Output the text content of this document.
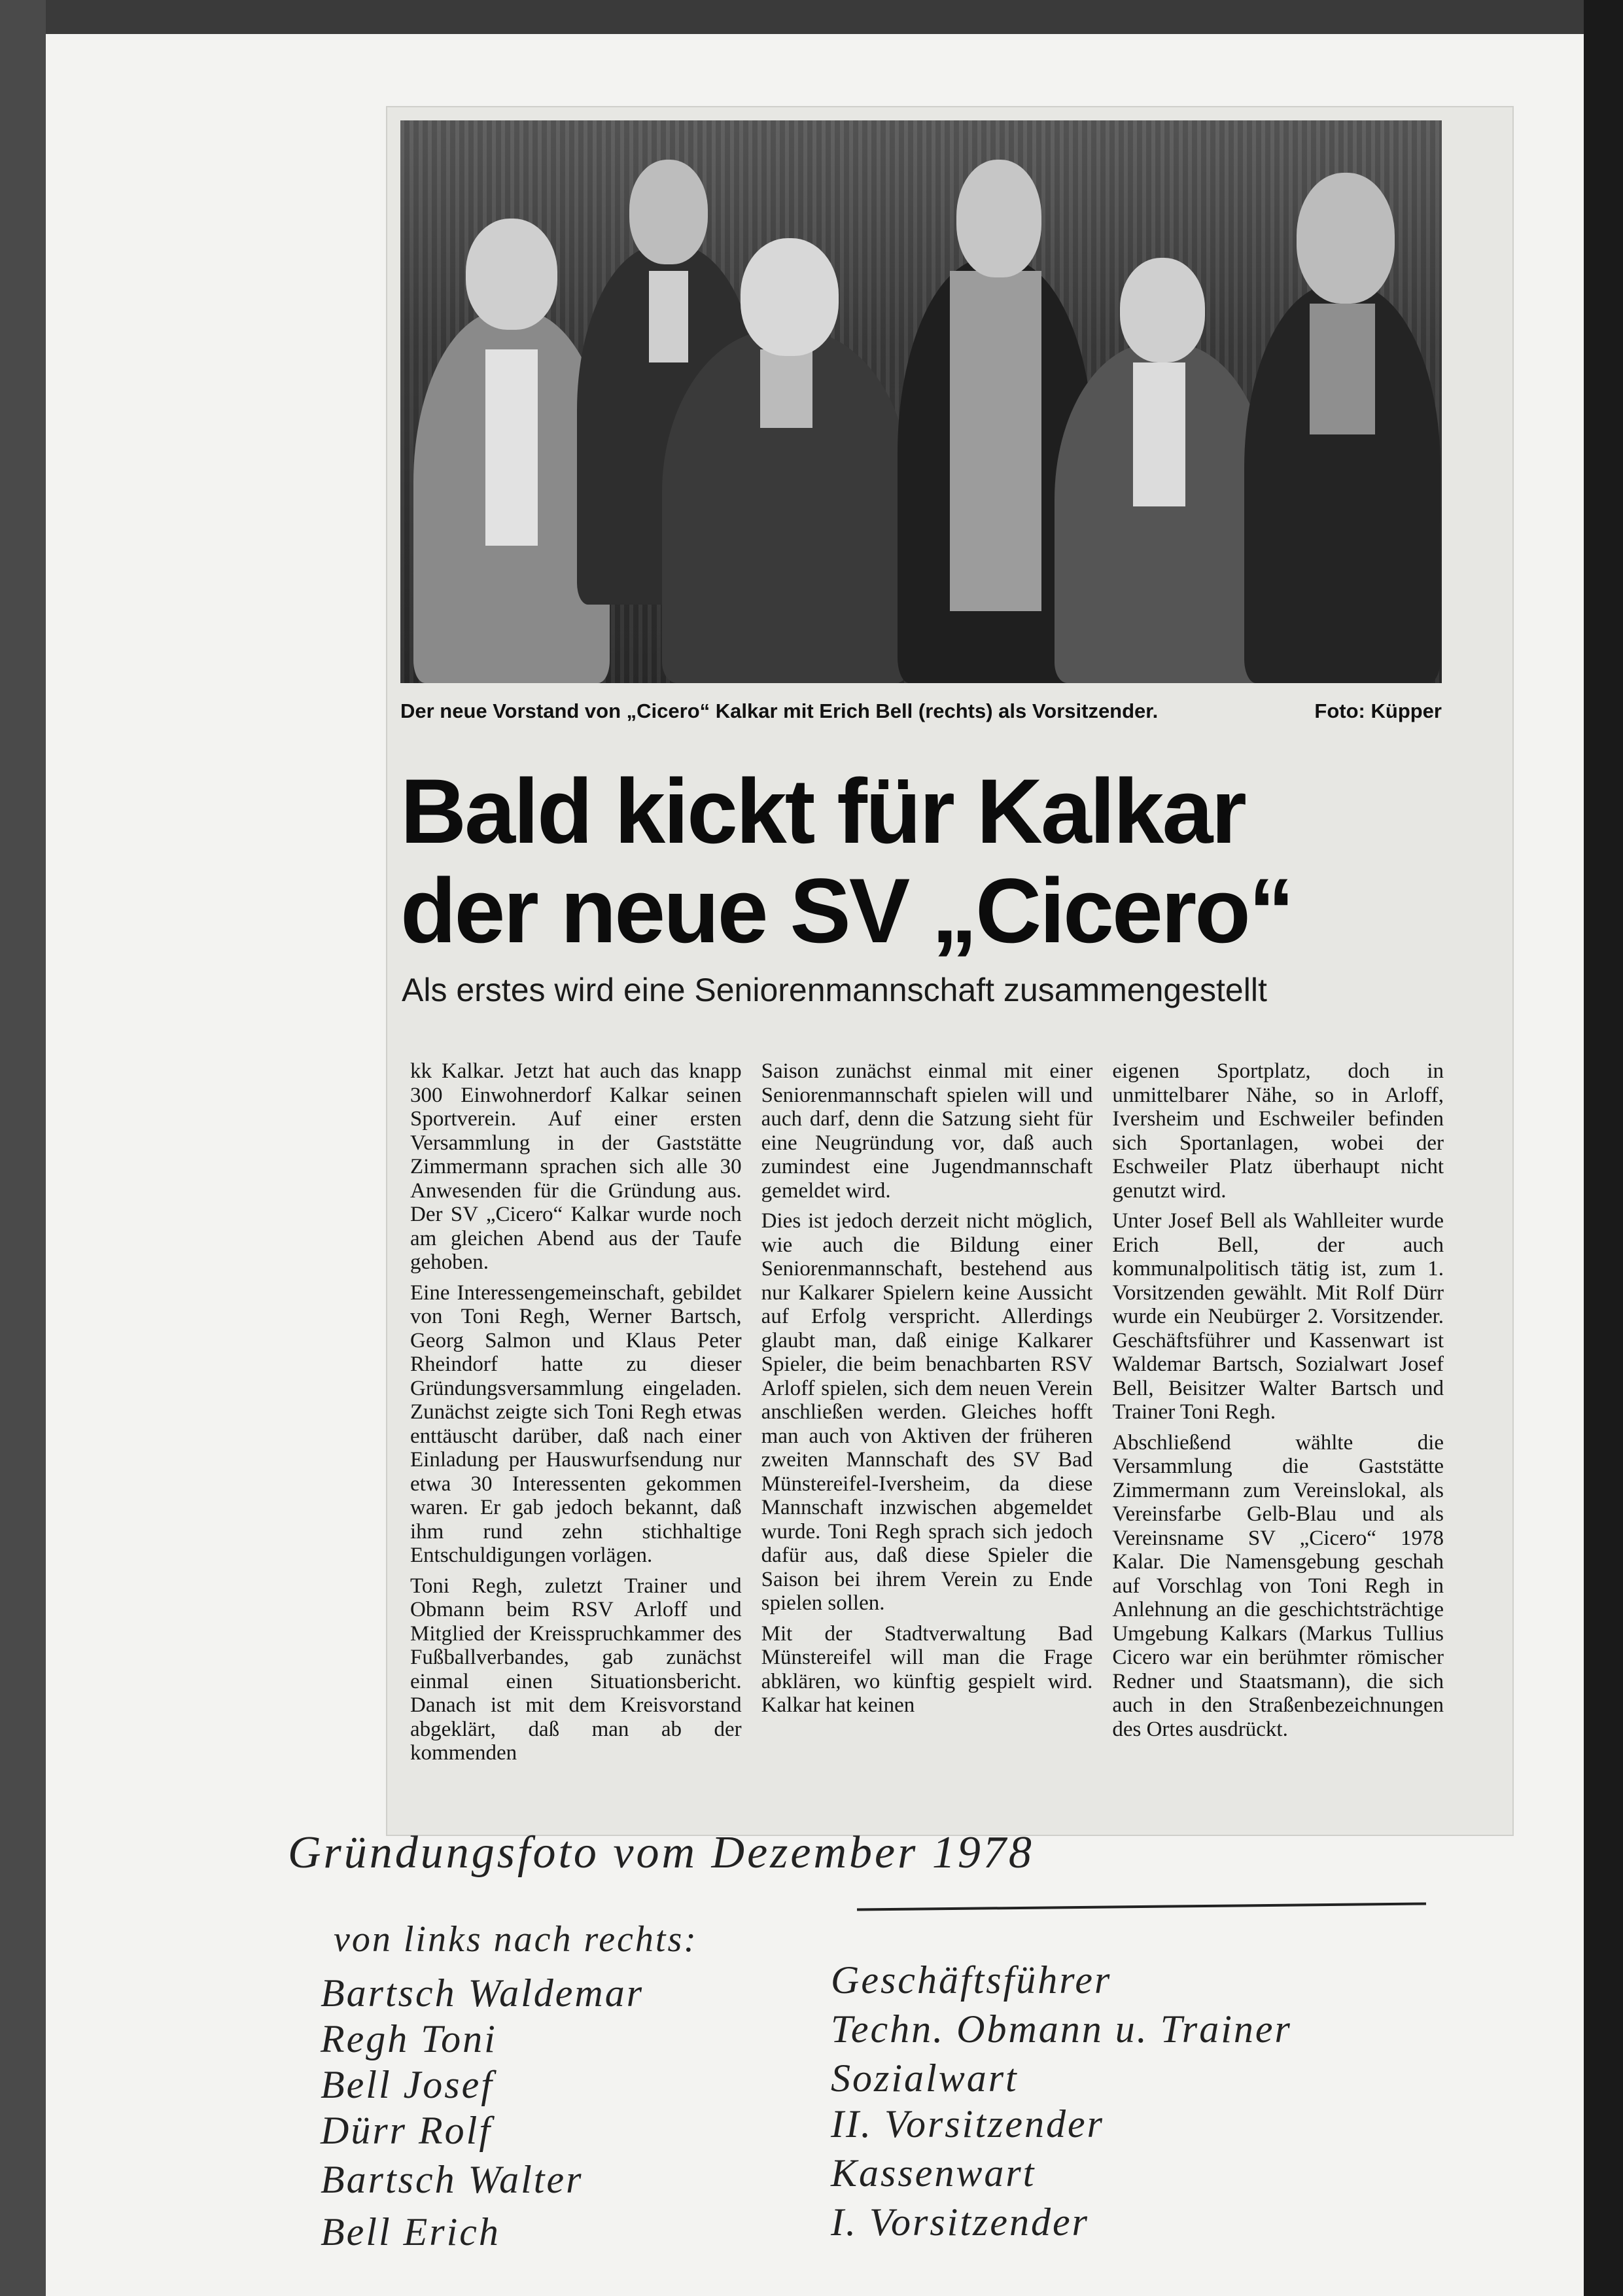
Der neue Vorstand von „Cicero“ Kalkar mit Erich Bell (rechts) als Vorsitzender.	Foto: Küpper
Bald kickt für Kalkar
der neue SV „Cicero“
Als erstes wird eine Seniorenmannschaft zusammengestellt

kk Kalkar. Jetzt hat auch das knapp 300 Einwohnerdorf Kalkar seinen Sportverein. Auf einer ersten Versammlung in der Gaststätte Zimmermann sprachen sich alle 30 Anwesenden für die Gründung aus. Der SV „Cicero“ Kalkar wurde noch am gleichen Abend aus der Taufe gehoben.

Eine Interessengemeinschaft, gebildet von Toni Regh, Werner Bartsch, Georg Salmon und Klaus Peter Rheindorf hatte zu dieser Gründungsversammlung eingeladen. Zunächst zeigte sich Toni Regh etwas enttäuscht darüber, daß nach einer Einladung per Hauswurfsendung nur etwa 30 Interessenten gekommen waren. Er gab jedoch bekannt, daß ihm rund zehn stichhaltige Entschuldigungen vorlägen.

Toni Regh, zuletzt Trainer und Obmann beim RSV Arloff und Mitglied der Kreisspruchkammer des Fußballverbandes, gab zunächst einmal einen Situationsbericht. Danach ist mit dem Kreisvorstand abgeklärt, daß man ab der kommenden

Saison zunächst einmal mit einer Seniorenmannschaft spielen will und auch darf, denn die Satzung sieht für eine Neugründung vor, daß auch zumindest eine Jugendmannschaft gemeldet wird.

Dies ist jedoch derzeit nicht möglich, wie auch die Bildung einer Seniorenmannschaft, bestehend aus nur Kalkarer Spielern keine Aussicht auf Erfolg verspricht. Allerdings glaubt man, daß einige Kalkarer Spieler, die beim benachbarten RSV Arloff spielen, sich dem neuen Verein anschließen werden. Gleiches hofft man auch von Aktiven der früheren zweiten Mannschaft des SV Bad Münstereifel-Iversheim, da diese Mannschaft inzwischen abgemeldet wurde. Toni Regh sprach sich jedoch dafür aus, daß diese Spieler die Saison bei ihrem Verein zu Ende spielen sollen.

Mit der Stadtverwaltung Bad Münstereifel will man die Frage abklären, wo künftig gespielt wird. Kalkar hat keinen

eigenen Sportplatz, doch in unmittelbarer Nähe, so in Arloff, Iversheim und Eschweiler befinden sich Sportanlagen, wobei der Eschweiler Platz überhaupt nicht genutzt wird.

Unter Josef Bell als Wahlleiter wurde Erich Bell, der auch kommunalpolitisch tätig ist, zum 1. Vorsitzenden gewählt. Mit Rolf Dürr wurde ein Neubürger 2. Vorsitzender. Geschäftsführer und Kassenwart ist Waldemar Bartsch, Sozialwart Josef Bell, Beisitzer Walter Bartsch und Trainer Toni Regh.

Abschließend wählte die Versammlung die Gaststätte Zimmermann zum Vereinslokal, als Vereinsfarbe Gelb-Blau und als Vereinsname SV „Cicero“ 1978 Kalar. Die Namensgebung geschah auf Vorschlag von Toni Regh in Anlehnung an die geschichtsträchtige Umgebung Kalkars (Markus Tullius Cicero war ein berühmter römischer Redner und Staatsmann), die sich auch in den Straßenbezeichnungen des Ortes ausdrückt.

Gründungsfoto vom Dezember 1978
von links nach rechts:
Bartsch Waldemar	Geschäftsführer
Regh Toni	Techn. Obmann u. Trainer
Bell Josef	Sozialwart
Dürr Rolf	II. Vorsitzender
Bartsch Walter	Kassenwart
Bell Erich	I. Vorsitzender
